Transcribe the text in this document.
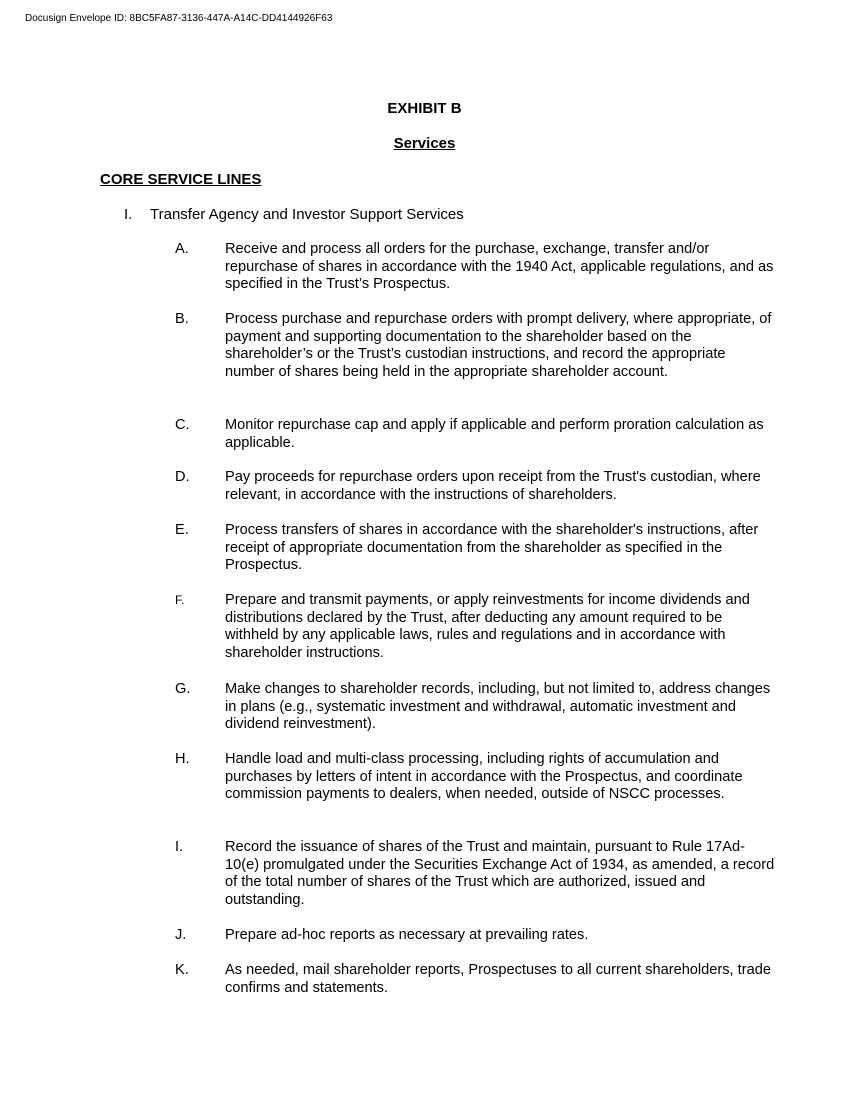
Docusign Envelope ID: 8BC5FA87-3136-447A-A14C-DD4144926F63
EXHIBIT B
Services
CORE SERVICE LINES
I. Transfer Agency and Investor Support Services
A.	Receive and process all orders for the purchase, exchange, transfer and/or repurchase of shares in accordance with the 1940 Act, applicable regulations, and as specified in the Trust’s Prospectus.
B.	Process purchase and repurchase orders with prompt delivery, where appropriate, of payment and supporting documentation to the shareholder based on the shareholder’s or the Trust’s custodian instructions, and record the appropriate number of shares being held in the appropriate shareholder account.
C.	Monitor repurchase cap and apply if applicable and perform proration calculation as applicable.
D.	Pay proceeds for repurchase orders upon receipt from the Trust's custodian, where relevant, in accordance with the instructions of shareholders.
E.	Process transfers of shares in accordance with the shareholder's instructions, after receipt of appropriate documentation from the shareholder as specified in the Prospectus.
F.	Prepare and transmit payments, or apply reinvestments for income dividends and distributions declared by the Trust, after deducting any amount required to be withheld by any applicable laws, rules and regulations and in accordance with shareholder instructions.
G.	Make changes to shareholder records, including, but not limited to, address changes in plans (e.g., systematic investment and withdrawal, automatic investment and dividend reinvestment).
H.	Handle load and multi-class processing, including rights of accumulation and purchases by letters of intent in accordance with the Prospectus, and coordinate commission payments to dealers, when needed, outside of NSCC processes.
I.	Record the issuance of shares of the Trust and maintain, pursuant to Rule 17Ad-10(e) promulgated under the Securities Exchange Act of 1934, as amended, a record of the total number of shares of the Trust which are authorized, issued and outstanding.
J.	Prepare ad-hoc reports as necessary at prevailing rates.
K.	As needed, mail shareholder reports, Prospectuses to all current shareholders, trade confirms and statements.
